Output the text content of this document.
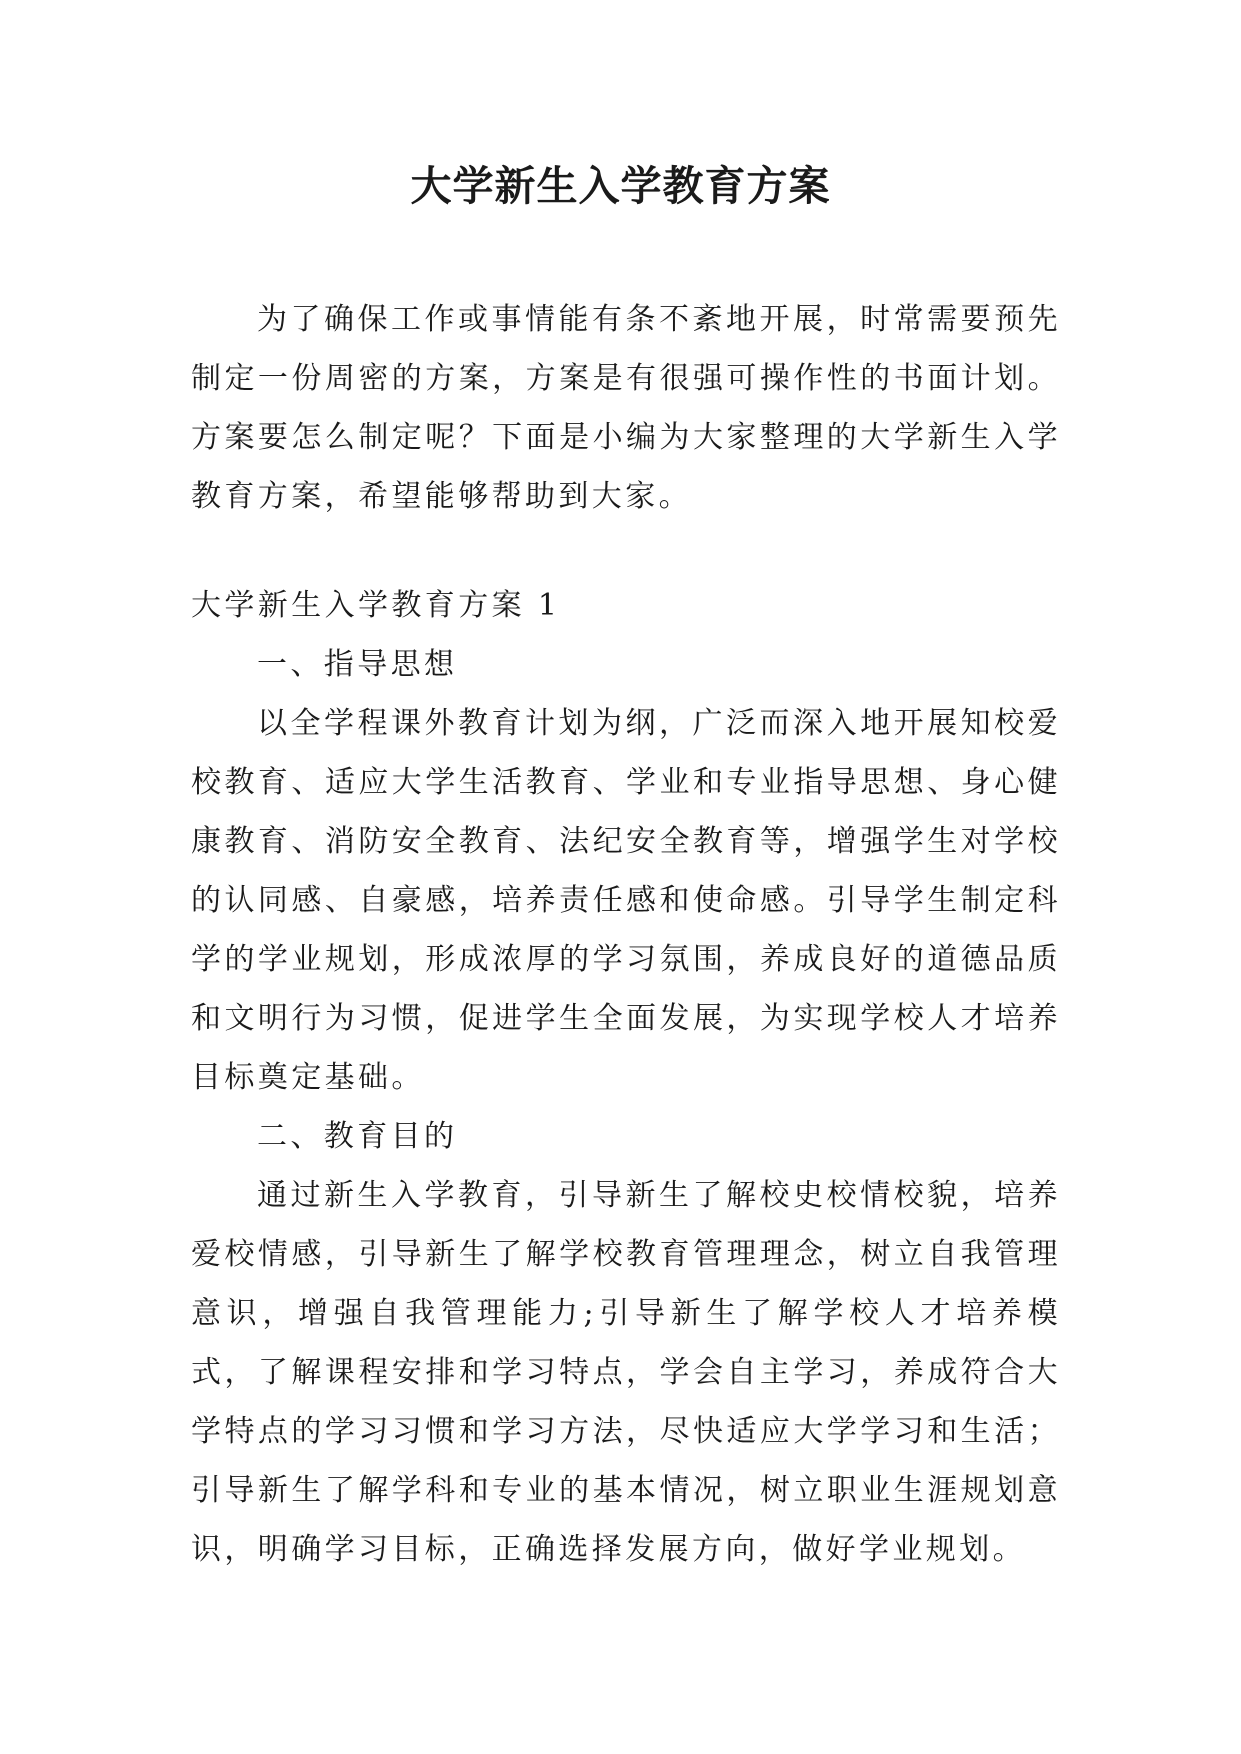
大学新生入学教育方案

为了确保工作或事情能有条不紊地开展，时常需要预先制定一份周密的方案，方案是有很强可操作性的书面计划。方案要怎么制定呢？下面是小编为大家整理的大学新生入学教育方案，希望能够帮助到大家。

大学新生入学教育方案 1

一、指导思想

以全学程课外教育计划为纲，广泛而深入地开展知校爱校教育、适应大学生活教育、学业和专业指导思想、身心健康教育、消防安全教育、法纪安全教育等，增强学生对学校的认同感、自豪感，培养责任感和使命感。引导学生制定科学的学业规划，形成浓厚的学习氛围，养成良好的道德品质和文明行为习惯，促进学生全面发展，为实现学校人才培养目标奠定基础。

二、教育目的

通过新生入学教育，引导新生了解校史校情校貌，培养爱校情感，引导新生了解学校教育管理理念，树立自我管理意识，增强自我管理能力;引导新生了解学校人才培养模式，了解课程安排和学习特点，学会自主学习，养成符合大学特点的学习习惯和学习方法，尽快适应大学学习和生活；引导新生了解学科和专业的基本情况，树立职业生涯规划意识，明确学习目标，正确选择发展方向，做好学业规划。
